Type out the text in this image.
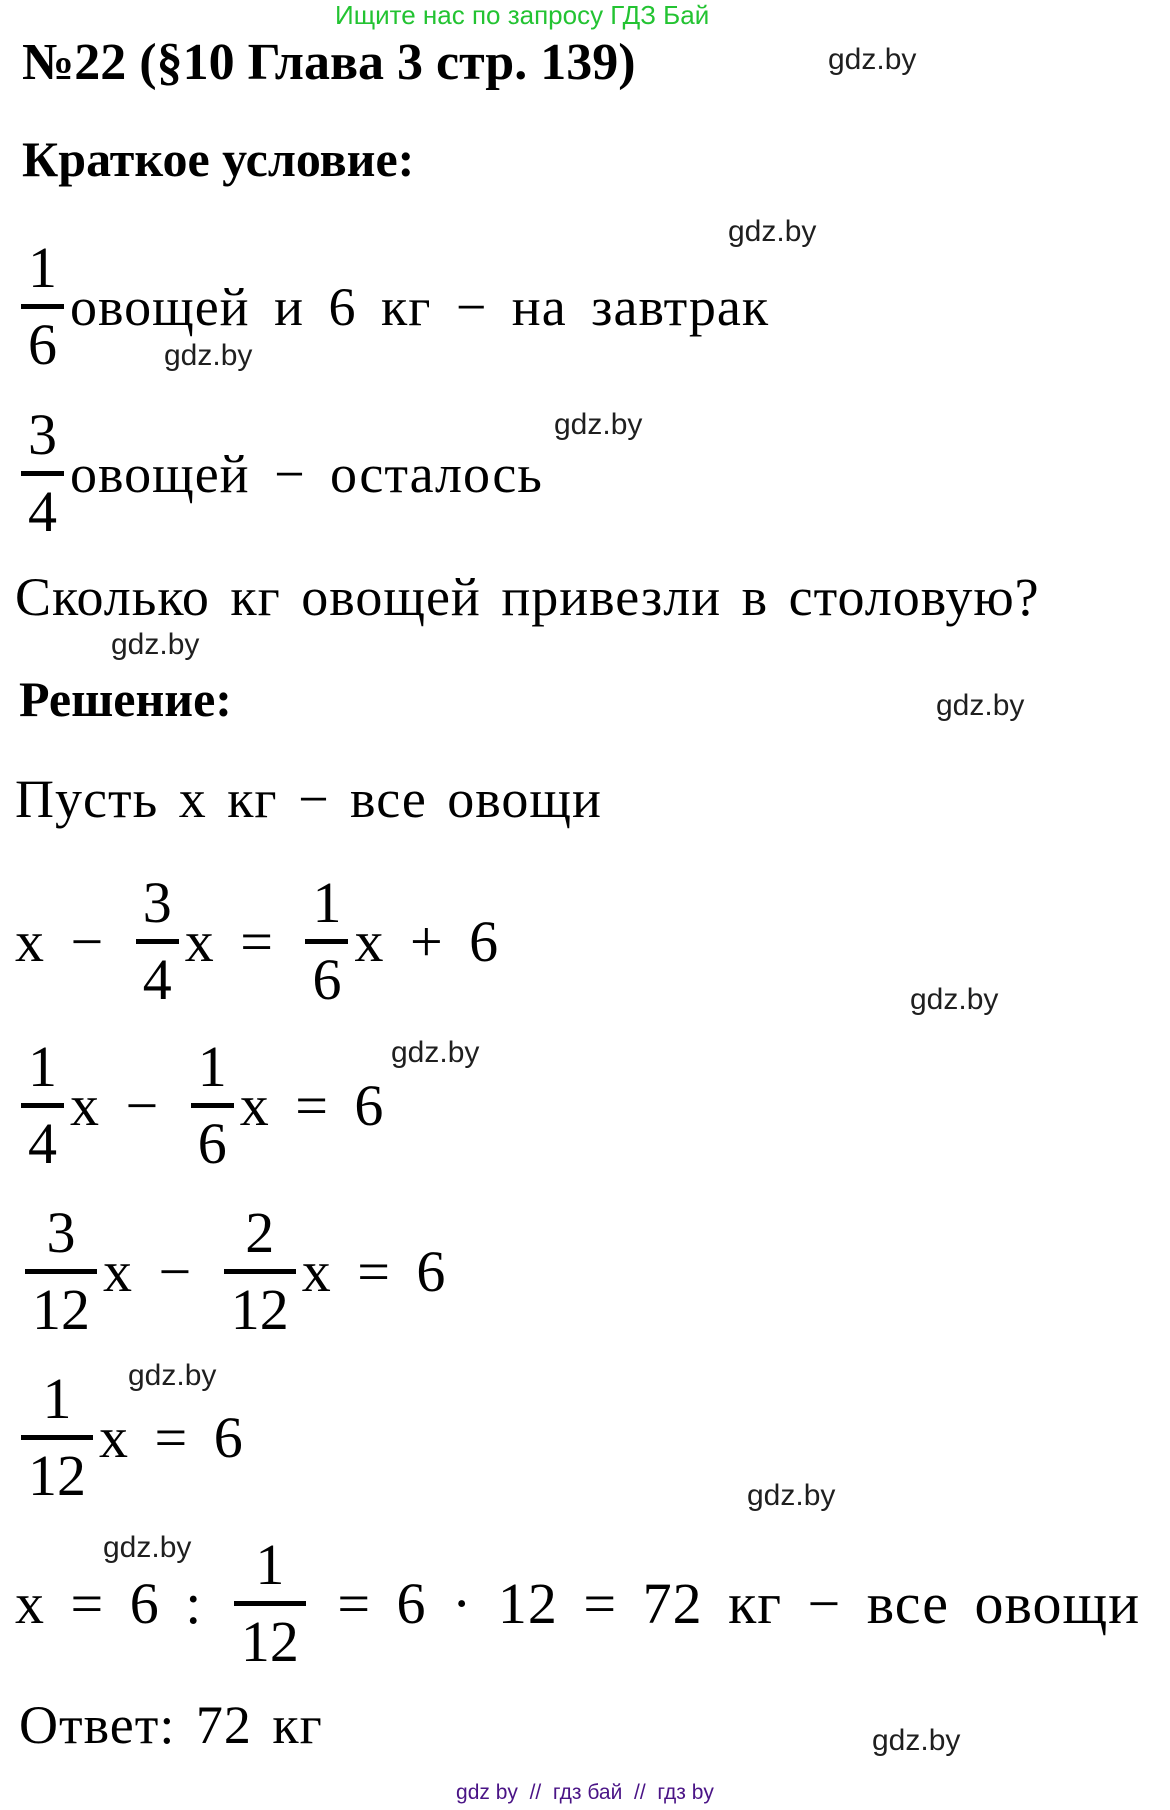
Ищите нас по запросу ГДЗ Бай
№22 (§10 Глава 3 стр. 139)
Краткое условие:
$\frac{1}{6}$ овощей и 6 кг − на завтрак
$\frac{3}{4}$ овощей − осталось

Сколько кг овощей привезли в столовую?

Решение:

Пусть x кг − все овощи

$x - \frac{3}{4}$ $x = \frac{1}{6}$ x + 6
$\frac{1}{4}$ $x - \frac{1}{6}$ x = 6
$\frac{3}{12}$ $x - \frac{2}{12}$ x = 6
$\frac{1}{12}$ x = 6
x = 6 : $\frac{1}{12} = 6 \cdot 12 = 72$ кг − все овощи

Ответ: 72 кг

gdz.by
gdz.by
gdz.by
gdz.by
gdz.by
gdz.by
gdz.by
gdz.by
gdz.by
gdz.by
gdz.by
gdz.by
gdz by  //  гдз бай  //  гдз by
